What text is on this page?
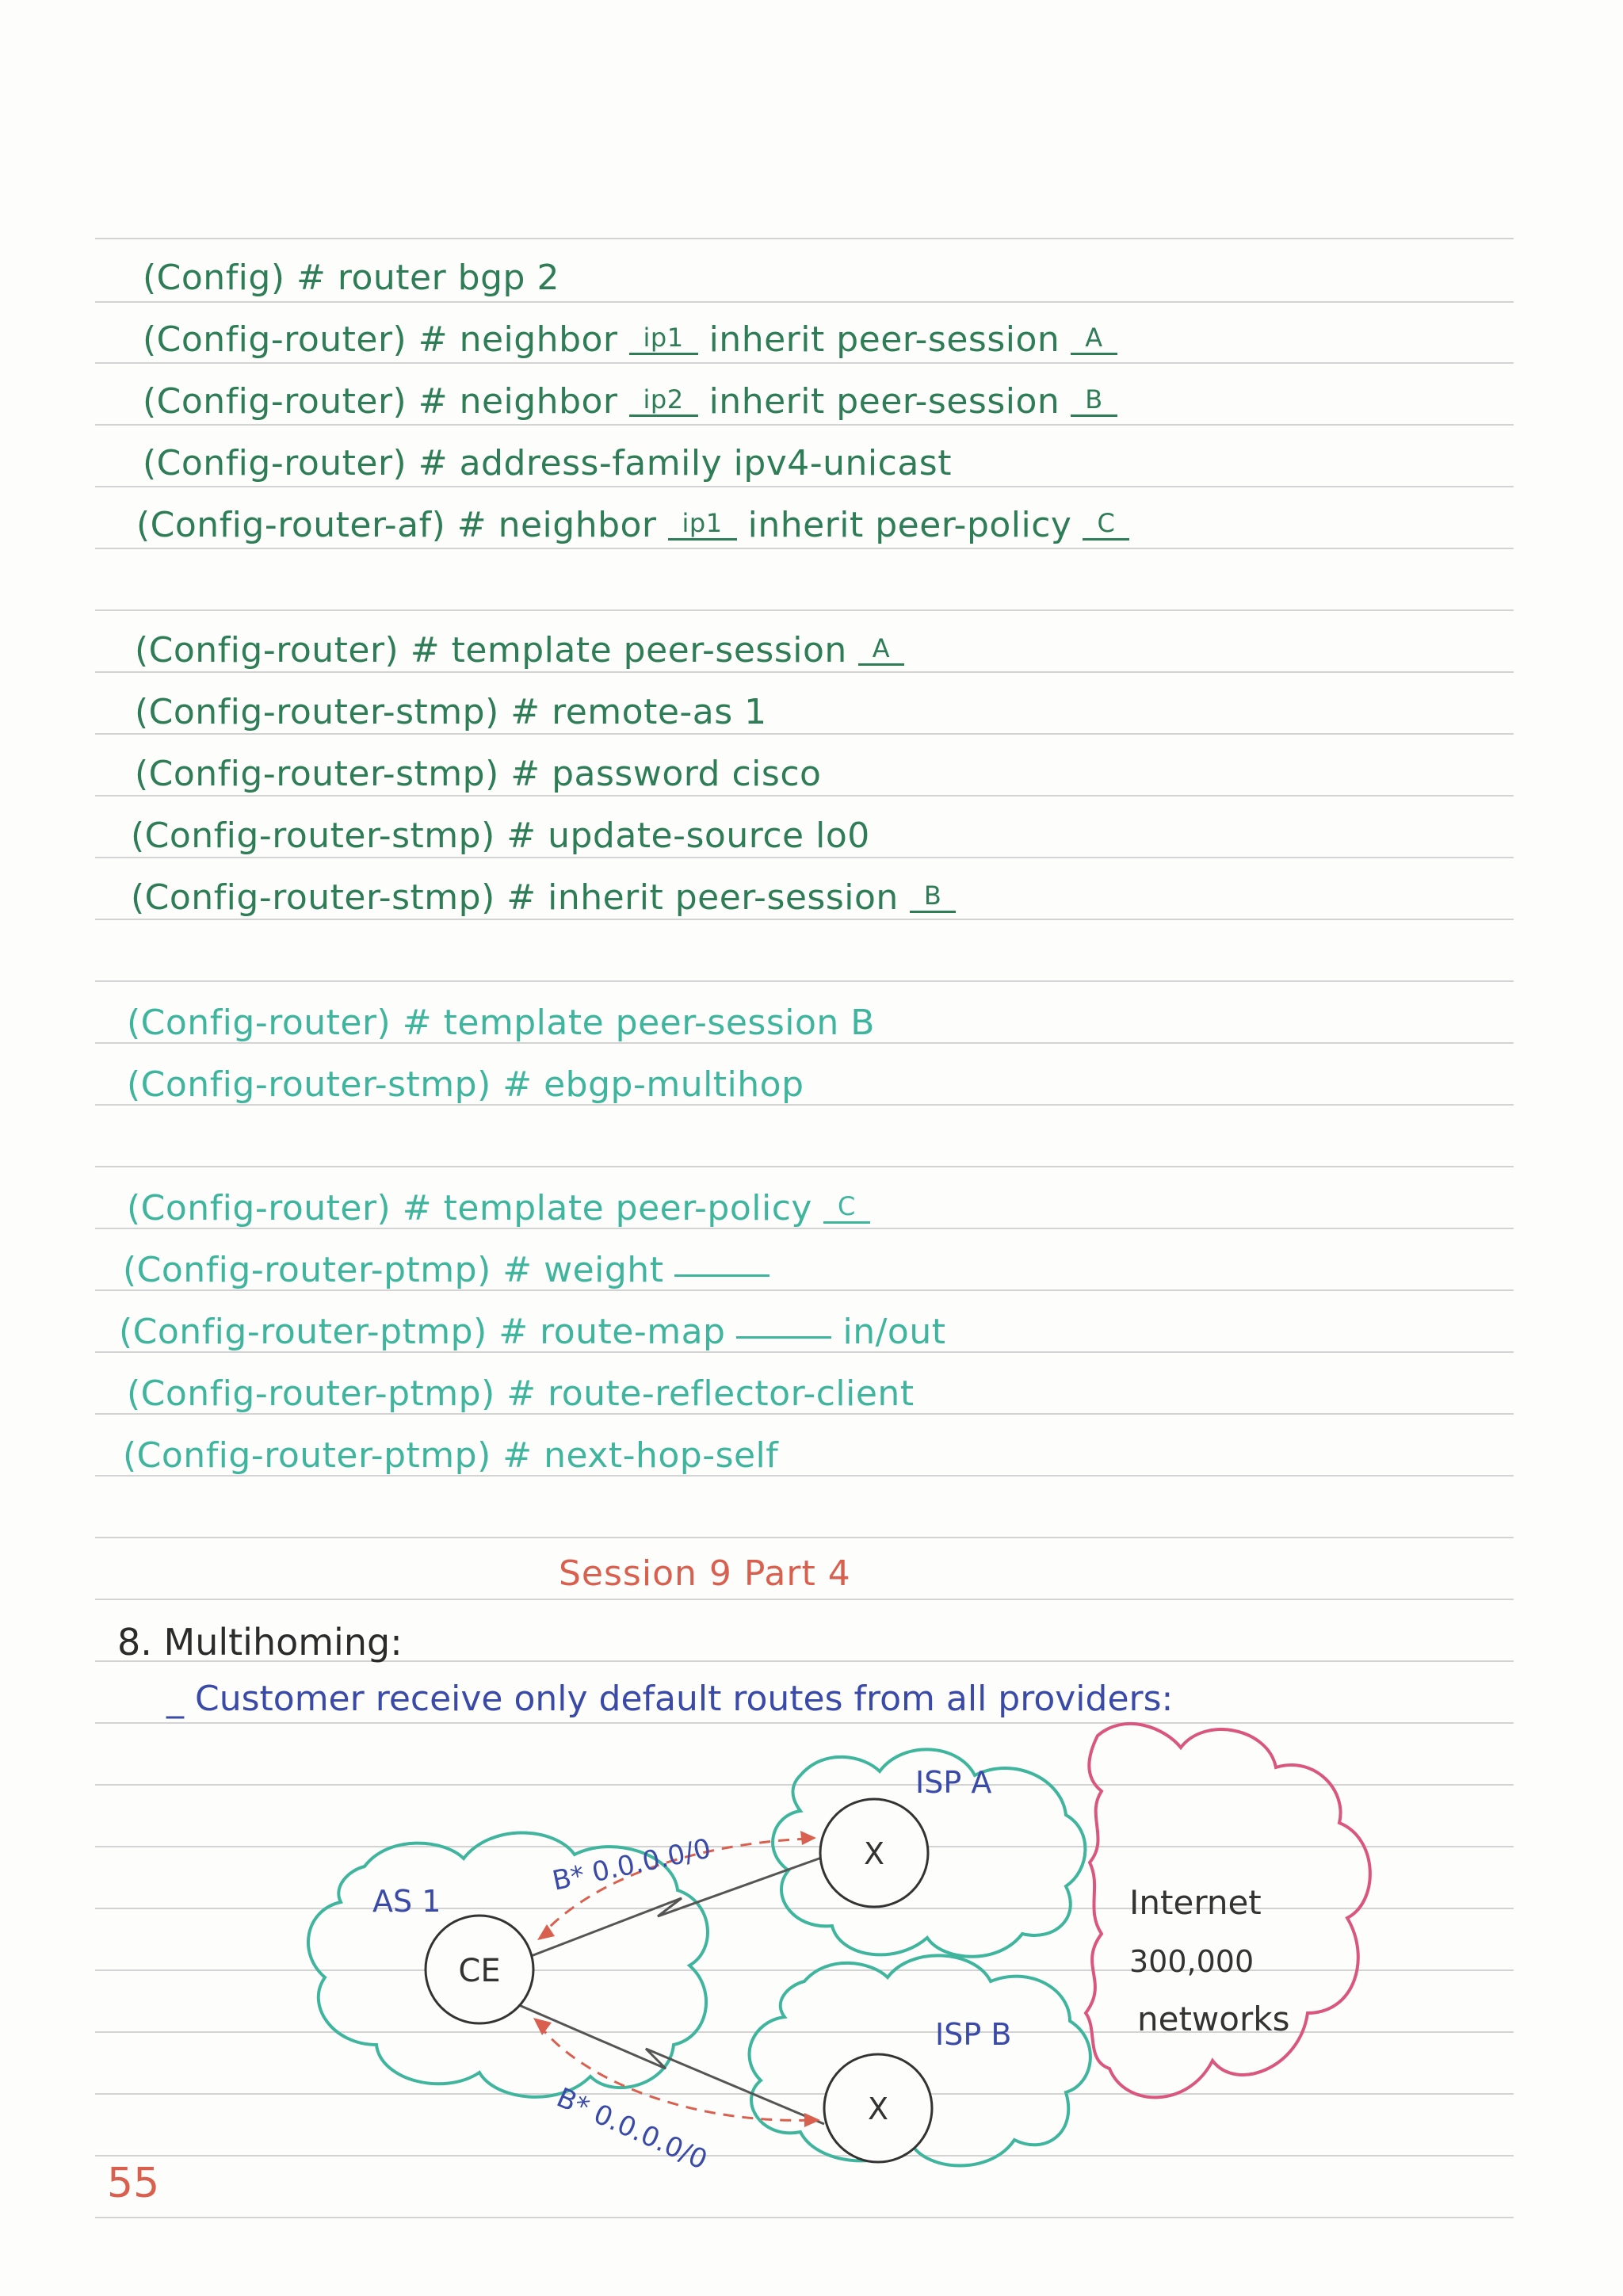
(Config) # router bgp 2
(Config-router) # neighbor ip1 inherit peer-session A
(Config-router) # neighbor ip2 inherit peer-session B
(Config-router) # address-family ipv4-unicast
(Config-router-af) # neighbor ip1 inherit peer-policy C
(Config-router) # template peer-session A
(Config-router-stmp) # remote-as 1
(Config-router-stmp) # password cisco
(Config-router-stmp) # update-source lo0
(Config-router-stmp) # inherit peer-session B
(Config-router) # template peer-session B
(Config-router-stmp) # ebgp-multihop
(Config-router) # template peer-policy C
(Config-router-ptmp) # weight
(Config-router-ptmp) # route-map	in/out
(Config-router-ptmp) # route-reflector-client
(Config-router-ptmp) # next-hop-self
Session 9 Part 4
8. Multihoming:
_ Customer receive only default routes from all providers:
CE
X
X
AS 1
ISP A
ISP B
Internet
300,000
networks
B* 0.0.0.0/0
B* 0.0.0.0/0
55
